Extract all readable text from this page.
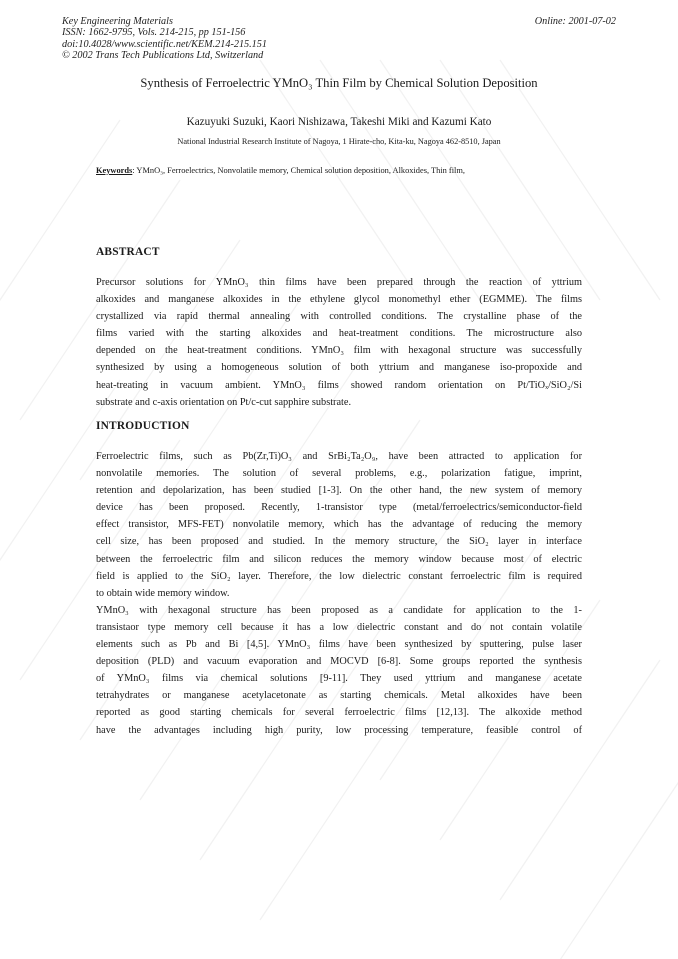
Key Engineering Materials
ISSN: 1662-9795, Vols. 214-215, pp 151-156
doi:10.4028/www.scientific.net/KEM.214-215.151
© 2002 Trans Tech Publications Ltd, Switzerland
Online: 2001-07-02
Synthesis of Ferroelectric YMnO₃ Thin Film by Chemical Solution Deposition
Kazuyuki Suzuki, Kaori Nishizawa, Takeshi Miki and Kazumi Kato
National Industrial Research Institute of Nagoya, 1 Hirate-cho, Kita-ku, Nagoya 462-8510, Japan
Keywords: YMnO₃, Ferroelectrics, Nonvolatile memory, Chemical solution deposition, Alkoxides, Thin film,
ABSTRACT
Precursor solutions for YMnO₃ thin films have been prepared through the reaction of yttrium
alkoxides and manganese alkoxides in the ethylene glycol monomethyl ether (EGMME). The films
crystallized via rapid thermal annealing with controlled conditions. The crystalline phase of the
films varied with the starting alkoxides and heat-treatment conditions. The microstructure also
depended on the heat-treatment conditions. YMnO₃ film with hexagonal structure was successfully
synthesized by using a homogeneous solution of both yttrium and manganese iso-propoxide and
heat-treating in vacuum ambient. YMnO₃ films showed random orientation on Pt/TiOₓ/SiO₂/Si
substrate and c-axis orientation on Pt/c-cut sapphire substrate.
INTRODUCTION
Ferroelectric films, such as Pb(Zr,Ti)O₃ and SrBi₂Ta₂O₉, have been attracted to application for
nonvolatile memories. The solution of several problems, e.g., polarization fatigue, imprint,
retention and depolarization, has been studied [1-3]. On the other hand, the new system of memory
device has been proposed. Recently, 1-transistor type (metal/ferroelectrics/semiconductor-field
effect transistor, MFS-FET) nonvolatile memory, which has the advantage of reducing the memory
cell size, has been proposed and studied. In the memory structure, the SiO₂ layer in interface
between the ferroelectric film and silicon reduces the memory window because most of electric
field is applied to the SiO₂ layer. Therefore, the low dielectric constant ferroelectric film is required
to obtain wide memory window.
YMnO₃ with hexagonal structure has been proposed as a candidate for application to the 1-
transistaor type memory cell because it has a low dielectric constant and do not contain volatile
elements such as Pb and Bi [4,5]. YMnO₃ films have been synthesized by sputtering, pulse laser
deposition (PLD) and vacuum evaporation and MOCVD [6-8]. Some groups reported the synthesis
of YMnO₃ films via chemical solutions [9-11]. They used yttrium and manganese acetate
tetrahydrates or manganese acetylacetonate as starting chemicals. Metal alkoxides have been
reported as good starting chemicals for several ferroelectric films [12,13]. The alkoxide method
have the advantages including high purity, low processing temperature, feasible control of
